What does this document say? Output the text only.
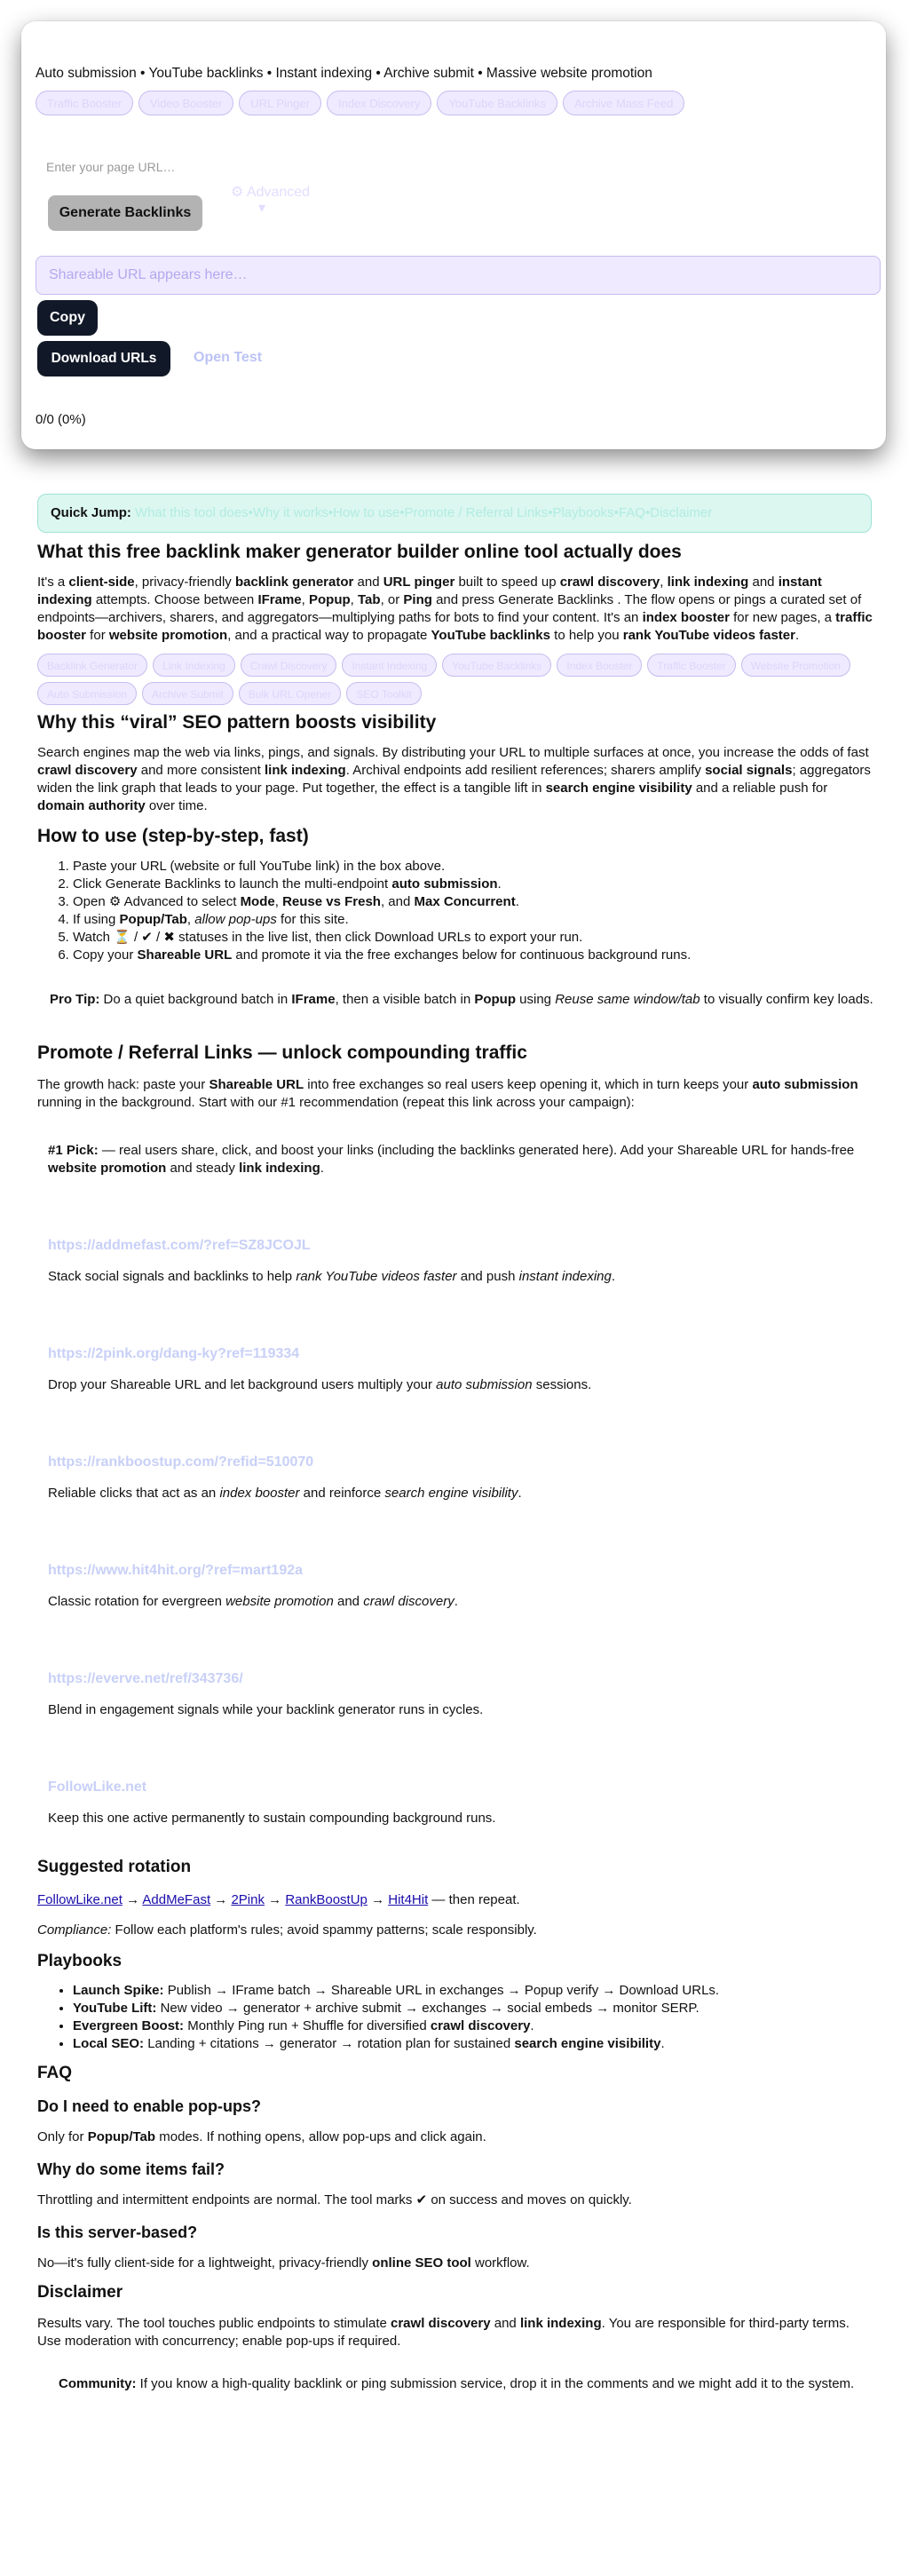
Auto submission • YouTube backlinks • Instant indexing • Archive submit • Massive website promotion
Traffic Booster	Video Booster	URL Pinger	Index Discovery	YouTube Backlinks	Archive Mass Feed
Enter your page URL…
Generate Backlinks
⚙ Advanced
▾
Shareable URL appears here…
Copy
Download URLs	Open Test
0/0 (0%)
Quick Jump: What this tool does•Why it works•How to use•Promote / Referral Links•Playbooks•FAQ•Disclaimer
What this free backlink maker generator builder online tool actually does

It's a client-side, privacy-friendly backlink generator and URL pinger built to speed up crawl discovery, link indexing and instant indexing attempts. Choose between IFrame, Popup, Tab, or Ping and press Generate Backlinks . The flow opens or pings a curated set of endpoints—archivers, sharers, and aggregators—multiplying paths for bots to find your content. It's an index booster for new pages, a traffic booster for website promotion, and a practical way to propagate YouTube backlinks to help you rank YouTube videos faster.

Backlink Generator	Link Indexing	Crawl Discovery	Instant Indexing	YouTube Backlinks	Index Booster	Traffic Booster	Website Promotion
Auto Submission	Archive Submit	Bulk URL Opener	SEO Toolkit
Why this “viral” SEO pattern boosts visibility

Search engines map the web via links, pings, and signals. By distributing your URL to multiple surfaces at once, you increase the odds of fast crawl discovery and more consistent link indexing. Archival endpoints add resilient references; sharers amplify social signals; aggregators widen the link graph that leads to your page. Put together, the effect is a tangible lift in search engine visibility and a reliable push for domain authority over time.

How to use (step-by-step, fast)
1. Paste your URL (website or full YouTube link) in the box above.
2. Click Generate Backlinks to launch the multi-endpoint auto submission.
3. Open ⚙ Advanced to select Mode, Reuse vs Fresh, and Max Concurrent.
4. If using Popup/Tab, allow pop-ups for this site.
5. Watch ⏳ / ✔ / ✖ statuses in the live list, then click Download URLs to export your run.
6. Copy your Shareable URL and promote it via the free exchanges below for continuous background runs.

Pro Tip: Do a quiet background batch in IFrame, then a visible batch in Popup using Reuse same window/tab to visually confirm key loads.

Promote / Referral Links — unlock compounding traffic

The growth hack: paste your Shareable URL into free exchanges so real users keep opening it, which in turn keeps your auto submission running in the background. Start with our #1 recommendation (repeat this link across your campaign):

#1 Pick: — real users share, click, and boost your links (including the backlinks generated here). Add your Shareable URL for hands-free website promotion and steady link indexing.

https://addmefast.com/?ref=SZ8JCOJL

Stack social signals and backlinks to help rank YouTube videos faster and push instant indexing.

https://2pink.org/dang-ky?ref=119334

Drop your Shareable URL and let background users multiply your auto submission sessions.

https://rankboostup.com/?refid=510070

Reliable clicks that act as an index booster and reinforce search engine visibility.

https://www.hit4hit.org/?ref=mart192a

Classic rotation for evergreen website promotion and crawl discovery.

https://everve.net/ref/343736/

Blend in engagement signals while your backlink generator runs in cycles.

FollowLike.net

Keep this one active permanently to sustain compounding background runs.

Suggested rotation

FollowLike.net → AddMeFast → 2Pink → RankBoostUp → Hit4Hit — then repeat.

Compliance: Follow each platform's rules; avoid spammy patterns; scale responsibly.

Playbooks
• Launch Spike: Publish → IFrame batch → Shareable URL in exchanges → Popup verify → Download URLs.
• YouTube Lift: New video → generator + archive submit → exchanges → social embeds → monitor SERP.
• Evergreen Boost: Monthly Ping run + Shuffle for diversified crawl discovery.
• Local SEO: Landing + citations → generator → rotation plan for sustained search engine visibility.
FAQ
Do I need to enable pop-ups?

Only for Popup/Tab modes. If nothing opens, allow pop-ups and click again.

Why do some items fail?

Throttling and intermittent endpoints are normal. The tool marks ✔ on success and moves on quickly.

Is this server-based?

No—it's fully client-side for a lightweight, privacy-friendly online SEO tool workflow.

Disclaimer

Results vary. The tool touches public endpoints to stimulate crawl discovery and link indexing. You are responsible for third-party terms. Use moderation with concurrency; enable pop-ups if required.

Community: If you know a high-quality backlink or ping submission service, drop it in the comments and we might add it to the system.
